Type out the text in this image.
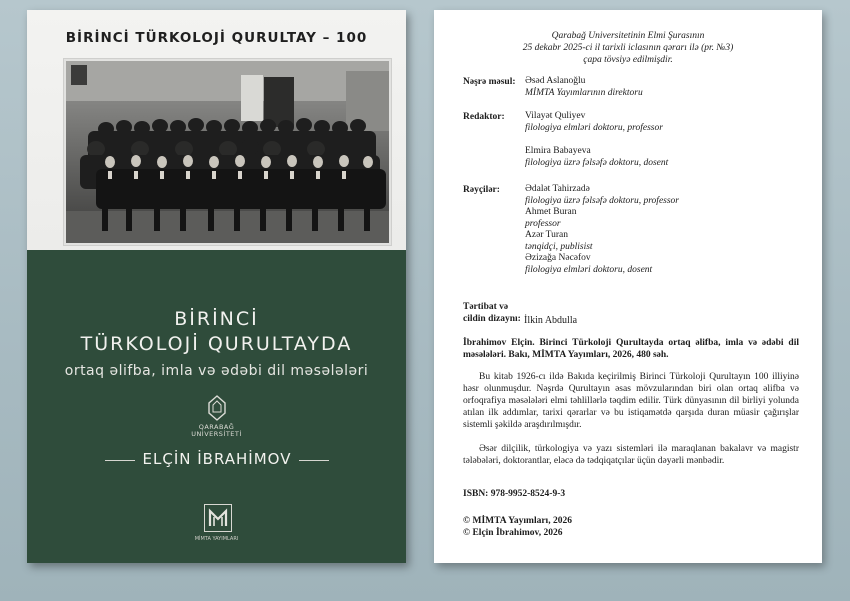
BİRİNCİ TÜRKOLOJİ QURULTAY – 100
BİRİNCİ
TÜRKOLOJİ QURULTAYDA
ortaq əlifba, imla və ədəbi dil məsələləri
QARABAĞ
UNİVERSİTETİ
ELÇİN İBRAHİMOV
MİMTA YAYIMLARI
Qarabağ Universitetinin Elmi Şurasının
25 dekabr 2025-ci il tarixli iclasının qərarı ilə (pr. №3)
çapa tövsiyə edilmişdir.
Nəşrə məsul: Əsəd Aslanoğlu
MİMTA Yayımlarının direktoru
Redaktor: Vilayət Quliyev
filologiya elmləri doktoru, professor
Elmira Babayeva
filologiya üzrə fəlsəfə doktoru, dosent
Rəyçilər:	Ədalət Tahirzadə
filologiya üzrə fəlsəfə doktoru, professor
Ahmet Buran
professor
Azər Turan
tənqidçi, publisist
Əzizağa Nəcəfov
filologiya elmləri doktoru, dosent
Tərtibat və
cildin dizaynı: İlkin Abdulla
İbrahimov Elçin. Birinci Türkoloji Qurultayda ortaq əlifba, imla və ədəbi dil məsələləri. Bakı, MİMTA Yayımları, 2026, 480 səh.

Bu kitab 1926-cı ildə Bakıda keçirilmiş Birinci Türkoloji Qurultayın 100 illiyinə həsr olunmuşdur. Nəşrdə Qurultayın əsas mövzularından biri olan ortaq əlifba və orfoqrafiya məsələləri elmi təhlillərlə təqdim edilir. Türk dünyasının dil birliyi yolunda atılan ilk addımlar, tarixi qərarlar və bu istiqamətdə qarşıda duran müasir çağırışlar sistemli şəkildə araşdırılmışdır.

Əsər dilçilik, türkologiya və yazı sistemləri ilə maraqlanan bakalavr və magistr tələbələri, doktorantlar, eləcə də tədqiqatçılar üçün dəyərli mənbədir.

ISBN: 978-9952-8524-9-3
© MİMTA Yayımları, 2026
© Elçin İbrahimov, 2026
